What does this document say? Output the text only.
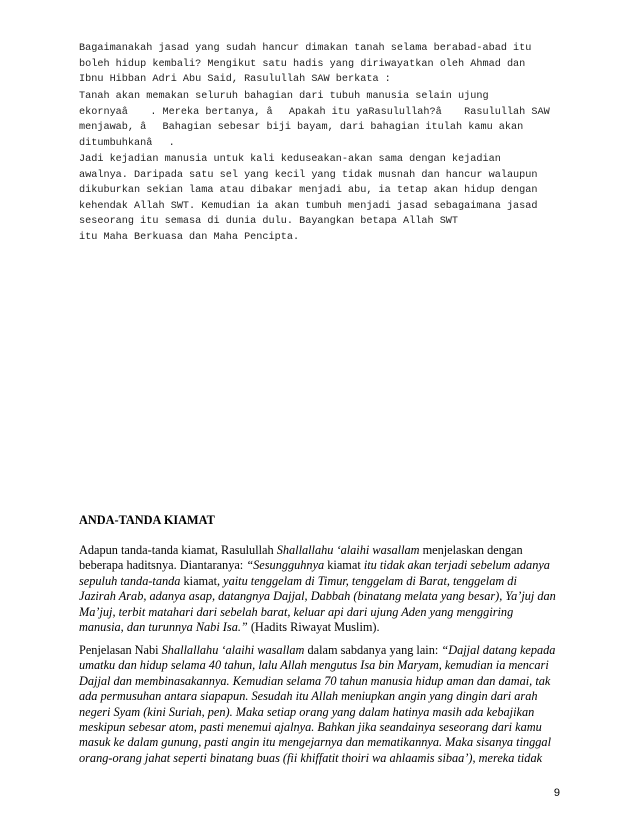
Bagaimanakah jasad yang sudah hancur dimakan tanah selama berabad-abad itu

boleh hidup kembali? Mengikut satu hadis yang diriwayatkan oleh Ahmad dan

Ibnu Hibban Adri Abu Said, Rasulullah SAW berkata :

Tanah akan memakan seluruh bahagian dari tubuh manusia selain ujung

ekornyaâ . Mereka bertanya, âApakah itu yaRasulullah?â Rasulullah SAW

menjawab, âBahagian sebesar biji bayam, dari bahagian itulah kamu akan

ditumbuhkanâ.

Jadi kejadian manusia untuk kali keduseakan-akan sama dengan kejadian

awalnya. Daripada satu sel yang kecil yang tidak musnah dan hancur walaupun

dikuburkan sekian lama atau dibakar menjadi abu, ia tetap akan hidup dengan

kehendak Allah SWT. Kemudian ia akan tumbuh menjadi jasad sebagaimana jasad

seseorang itu semasa di dunia dulu. Bayangkan betapa Allah SWT

itu Maha Berkuasa dan Maha Pencipta.

ANDA-TANDA KIAMAT

Adapun tanda-tanda kiamat, Rasulullah Shallallahu ‘alaihi wasallam menjelaskan dengan

beberapa haditsnya. Diantaranya: “Sesungguhnya kiamat itu tidak akan terjadi sebelum adanya

sepuluh tanda-tanda kiamat, yaitu tenggelam di Timur, tenggelam di Barat, tenggelam di

Jazirah Arab, adanya asap, datangnya Dajjal, Dabbah (binatang melata yang besar), Ya’juj dan

Ma’juj, terbit matahari dari sebelah barat, keluar api dari ujung Aden yang menggiring

manusia, dan turunnya Nabi Isa.” (Hadits Riwayat Muslim).

Penjelasan Nabi Shallallahu ‘alaihi wasallam dalam sabdanya yang lain: “Dajjal datang kepada

umatku dan hidup selama 40 tahun, lalu Allah mengutus Isa bin Maryam, kemudian ia mencari

Dajjal dan membinasakannya. Kemudian selama 70 tahun manusia hidup aman dan damai, tak

ada permusuhan antara siapapun. Sesudah itu Allah meniupkan angin yang dingin dari arah

negeri Syam (kini Suriah, pen). Maka setiap orang yang dalam hatinya masih ada kebajikan

meskipun sebesar atom, pasti menemui ajalnya. Bahkan jika seandainya seseorang dari kamu

masuk ke dalam gunung, pasti angin itu mengejarnya dan mematikannya. Maka sisanya tinggal

orang-orang jahat seperti binatang buas (fii khiffatit thoiri wa ahlaamis sibaa’), mereka tidak

9
